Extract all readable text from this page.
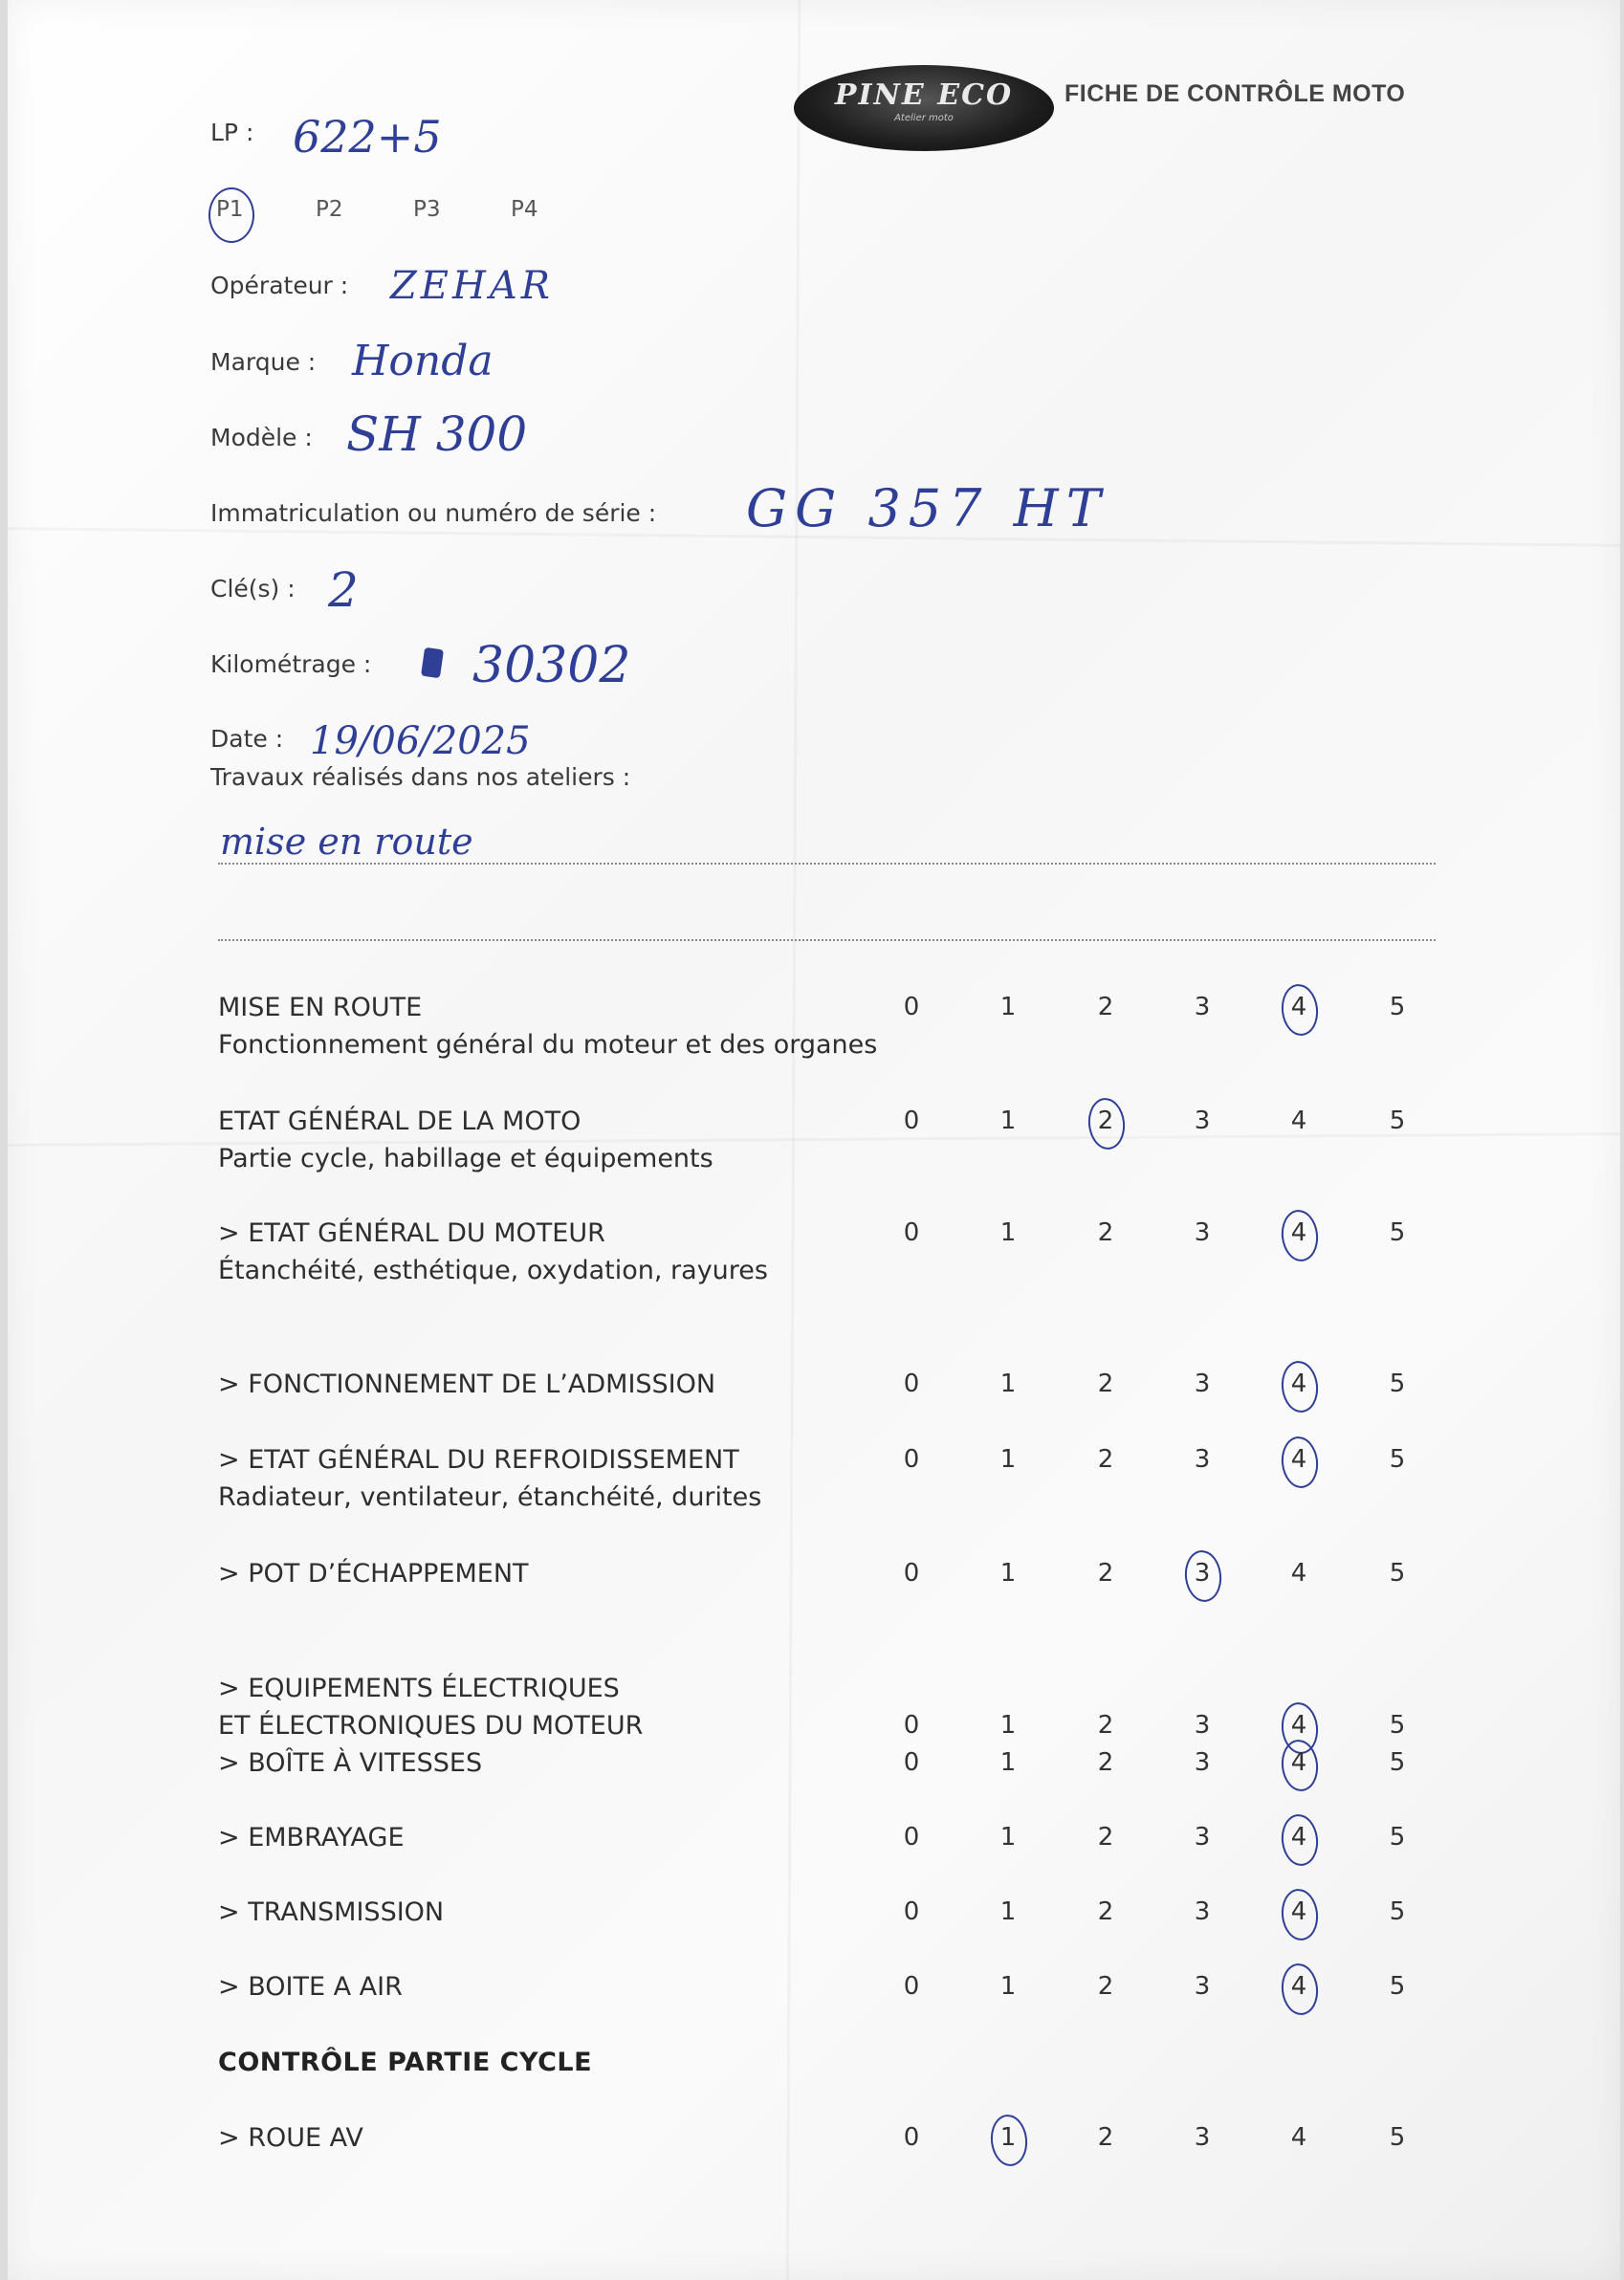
PINE ECO
Atelier moto
FICHE DE CONTRÔLE MOTO
LP : 622+5
P1	P2	P3	P4
Opérateur : ZEHAR
Marque : Honda
Modèle : SH 300
Immatriculation ou numéro de série : GG 357 HT
Clé(s) : 2
Kilométrage : 30302
Date : 19/06/2025
Travaux réalisés dans nos ateliers :
mise en route
MISE EN ROUTE
Fonctionnement général du moteur et des organes
0	1	2	3	4	5
ETAT GÉNÉRAL DE LA MOTO
Partie cycle, habillage et équipements
0	1	2	3	4	5
> ETAT GÉNÉRAL DU MOTEUR
Étanchéité, esthétique, oxydation, rayures
0	1	2	3	4	5
> FONCTIONNEMENT DE L’ADMISSION	0	1	2	3	4	5
> ETAT GÉNÉRAL DU REFROIDISSEMENT
Radiateur, ventilateur, étanchéité, durites
0	1	2	3	4	5
> POT D’ÉCHAPPEMENT	0	1	2	3	4	5
> EQUIPEMENTS ÉLECTRIQUES
ET ÉLECTRONIQUES DU MOTEUR	0	1	2	3	4	5
> BOÎTE À VITESSES	0	1	2	3	4	5
> EMBRAYAGE	0	1	2	3	4	5
> TRANSMISSION	0	1	2	3	4	5
> BOITE A AIR	0	1	2	3	4	5
CONTRÔLE PARTIE CYCLE
> ROUE AV	0	1	2	3	4	5
